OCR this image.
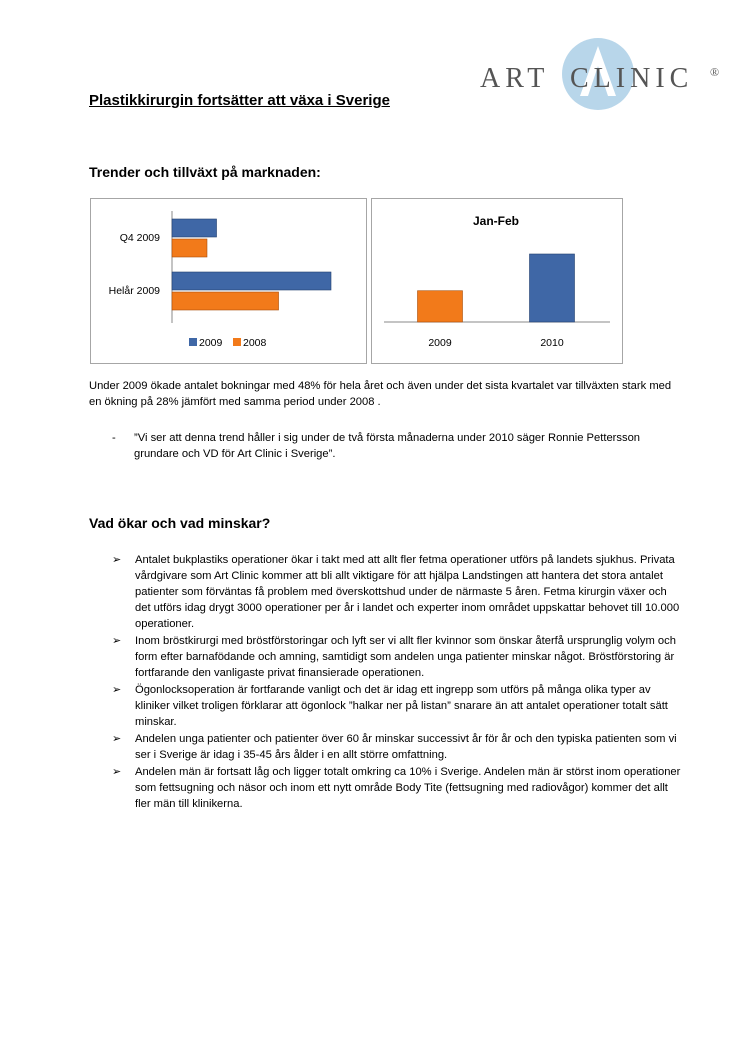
ART CLINIC ®
Plastikkirurgin fortsätter att växa i Sverige
Trender och tillväxt på marknaden:
Q4 2009
Helår 2009
2009 2008
Jan-Feb
2009	2010

Under 2009 ökade antalet bokningar med 48% för hela året och även under det sista kvartalet var tillväxten stark med en ökning på 28% jämfört med samma period under 2008 .

- ”Vi ser att denna trend håller i sig under de två första månaderna under 2010 säger Ronnie Pettersson grundare och VD för Art Clinic i Sverige”.
Vad ökar och vad minskar?
➢ Antalet bukplastiks operationer ökar i takt med att allt fler fetma operationer utförs på landets sjukhus. Privata vårdgivare som Art Clinic kommer att bli allt viktigare för att hjälpa Landstingen att hantera det stora antalet patienter som förväntas få problem med överskottshud under de närmaste 5 åren. Fetma kirurgin växer och det utförs idag drygt 3000 operationer per år i landet och experter inom området uppskattar behovet till 10.000 operationer.
➢ Inom bröstkirurgi med bröstförstoringar och lyft ser vi allt fler kvinnor som önskar återfå ursprunglig volym och form efter barnafödande och amning, samtidigt som andelen unga patienter minskar något. Bröstförstoring är fortfarande den vanligaste privat finansierade operationen.
➢ Ögonlocksoperation är fortfarande vanligt och det är idag ett ingrepp som utförs på många olika typer av kliniker vilket troligen förklarar att ögonlock ”halkar ner på listan” snarare än att antalet operationer totalt sätt minskar.
➢ Andelen unga patienter och patienter över 60 år minskar successivt år för år och den typiska patienten som vi ser i Sverige är idag i 35-45 års ålder i en allt större omfattning.
➢ Andelen män är fortsatt låg och ligger totalt omkring ca 10% i Sverige. Andelen män är störst inom operationer som fettsugning och näsor och inom ett nytt område Body Tite (fettsugning med radiovågor) kommer det allt fler män till klinikerna.
